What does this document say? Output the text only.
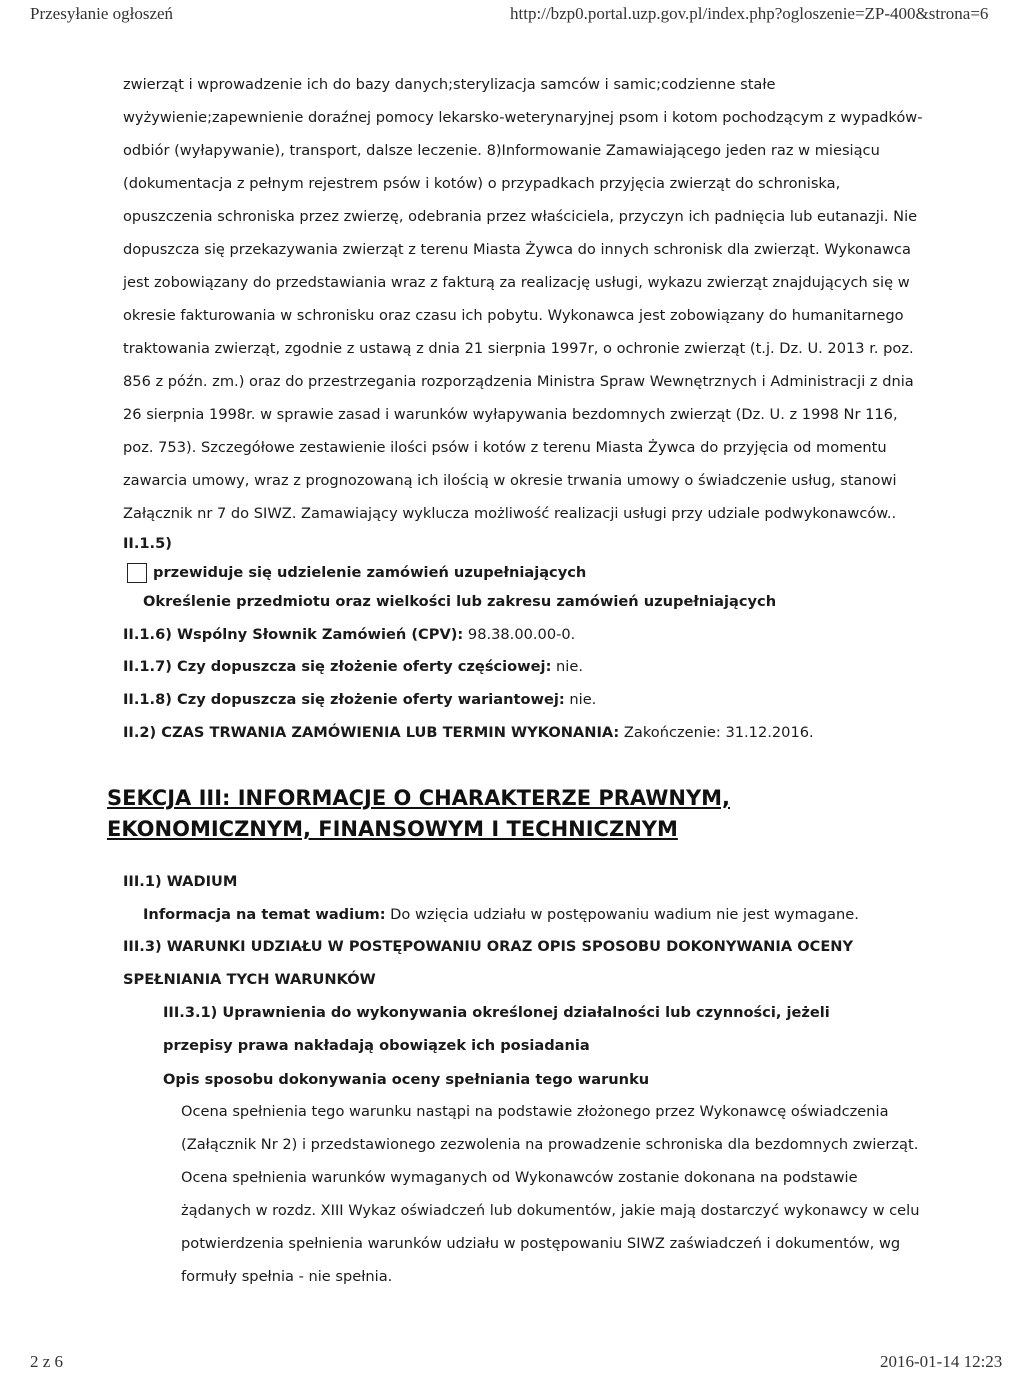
Przesyłanie ogłoszeń	http://bzp0.portal.uzp.gov.pl/index.php?ogloszenie=ZP-400&strona=6

zwierząt i wprowadzenie ich do bazy danych;sterylizacja samców i samic;codzienne stałe wyżywienie;zapewnienie doraźnej pomocy lekarsko-weterynaryjnej psom i kotom pochodzącym z wypadków-odbiór (wyłapywanie), transport, dalsze leczenie. 8)Informowanie Zamawiającego jeden raz w miesiącu (dokumentacja z pełnym rejestrem psów i kotów) o przypadkach przyjęcia zwierząt do schroniska, opuszczenia schroniska przez zwierzę, odebrania przez właściciela, przyczyn ich padnięcia lub eutanazji. Nie dopuszcza się przekazywania zwierząt z terenu Miasta Żywca do innych schronisk dla zwierząt. Wykonawca jest zobowiązany do przedstawiania wraz z fakturą za realizację usługi, wykazu zwierząt znajdujących się w okresie fakturowania w schronisku oraz czasu ich pobytu. Wykonawca jest zobowiązany do humanitarnego traktowania zwierząt, zgodnie z ustawą z dnia 21 sierpnia 1997r, o ochronie zwierząt (t.j. Dz. U. 2013 r. poz. 856 z późn. zm.) oraz do przestrzegania rozporządzenia Ministra Spraw Wewnętrznych i Administracji z dnia 26 sierpnia 1998r. w sprawie zasad i warunków wyłapywania bezdomnych zwierząt (Dz. U. z 1998 Nr 116, poz. 753). Szczegółowe zestawienie ilości psów i kotów z terenu Miasta Żywca do przyjęcia od momentu zawarcia umowy, wraz z prognozowaną ich ilością w okresie trwania umowy o świadczenie usług, stanowi Załącznik nr 7 do SIWZ. Zamawiający wyklucza możliwość realizacji usługi przy udziale podwykonawców..

II.1.5)
przewiduje się udzielenie zamówień uzupełniających
Określenie przedmiotu oraz wielkości lub zakresu zamówień uzupełniających
II.1.6) Wspólny Słownik Zamówień (CPV): 98.38.00.00-0.
II.1.7) Czy dopuszcza się złożenie oferty częściowej: nie.
II.1.8) Czy dopuszcza się złożenie oferty wariantowej: nie.
II.2) CZAS TRWANIA ZAMÓWIENIA LUB TERMIN WYKONANIA: Zakończenie: 31.12.2016.
SEKCJA III: INFORMACJE O CHARAKTERZE PRAWNYM,
EKONOMICZNYM, FINANSOWYM I TECHNICZNYM
III.1) WADIUM
Informacja na temat wadium: Do wzięcia udziału w postępowaniu wadium nie jest wymagane.

III.3) WARUNKI UDZIAŁU W POSTĘPOWANIU ORAZ OPIS SPOSOBU DOKONYWANIA OCENY SPEŁNIANIA TYCH WARUNKÓW

III.3.1) Uprawnienia do wykonywania określonej działalności lub czynności, jeżeli przepisy prawa nakładają obowiązek ich posiadania

Opis sposobu dokonywania oceny spełniania tego warunku

Ocena spełnienia tego warunku nastąpi na podstawie złożonego przez Wykonawcę oświadczenia (Załącznik Nr 2) i przedstawionego zezwolenia na prowadzenie schroniska dla bezdomnych zwierząt. Ocena spełnienia warunków wymaganych od Wykonawców zostanie dokonana na podstawie żądanych w rozdz. XIII Wykaz oświadczeń lub dokumentów, jakie mają dostarczyć wykonawcy w celu potwierdzenia spełnienia warunków udziału w postępowaniu SIWZ zaświadczeń i dokumentów, wg formuły spełnia - nie spełnia.

2 z 6	2016-01-14 12:23
